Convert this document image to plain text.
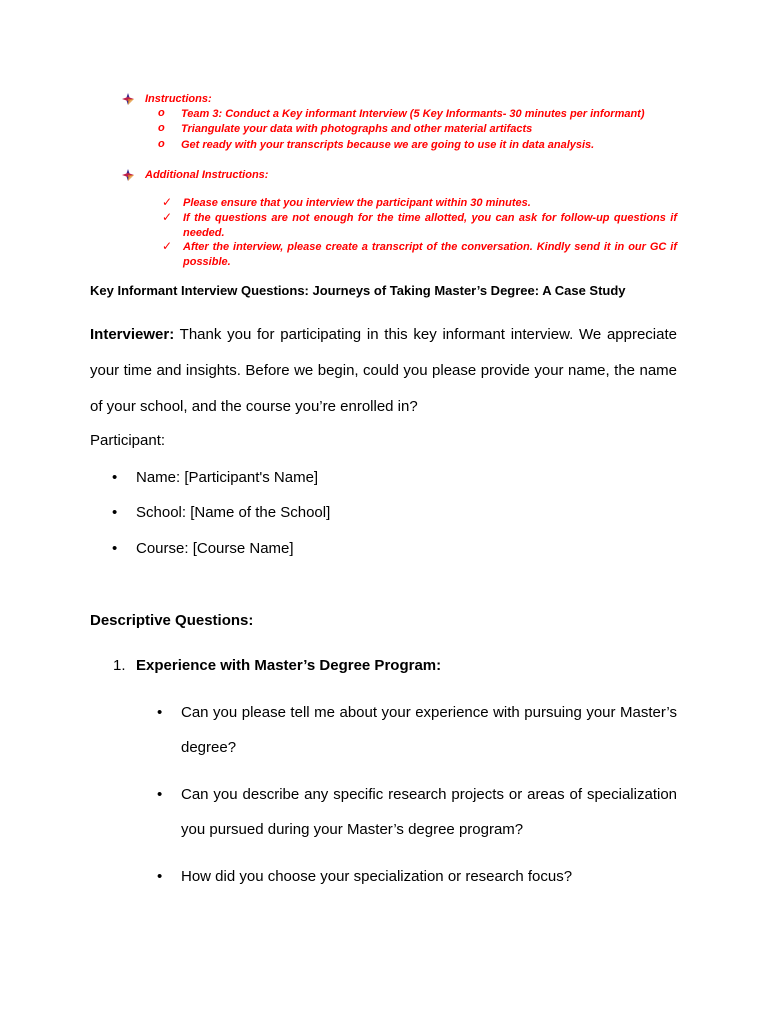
Instructions:
o Team 3: Conduct a Key informant Interview (5 Key Informants- 30 minutes per informant)
o Triangulate your data with photographs and other material artifacts
o Get ready with your transcripts because we are going to use it in data analysis.
Additional Instructions:
✓ Please ensure that you interview the participant within 30 minutes.
✓ If the questions are not enough for the time allotted, you can ask for follow-up questions if needed.
✓ After the interview, please create a transcript of the conversation. Kindly send it in our GC if possible.
Key Informant Interview Questions: Journeys of Taking Master’s Degree: A Case Study
Interviewer: Thank you for participating in this key informant interview. We appreciate your time and insights. Before we begin, could you please provide your name, the name of your school, and the course you’re enrolled in?
Participant:
• Name: [Participant's Name]
• School: [Name of the School]
• Course: [Course Name]
Descriptive Questions:
1. Experience with Master’s Degree Program:
• Can you please tell me about your experience with pursuing your Master’s degree?
• Can you describe any specific research projects or areas of specialization you pursued during your Master’s degree program?
• How did you choose your specialization or research focus?
